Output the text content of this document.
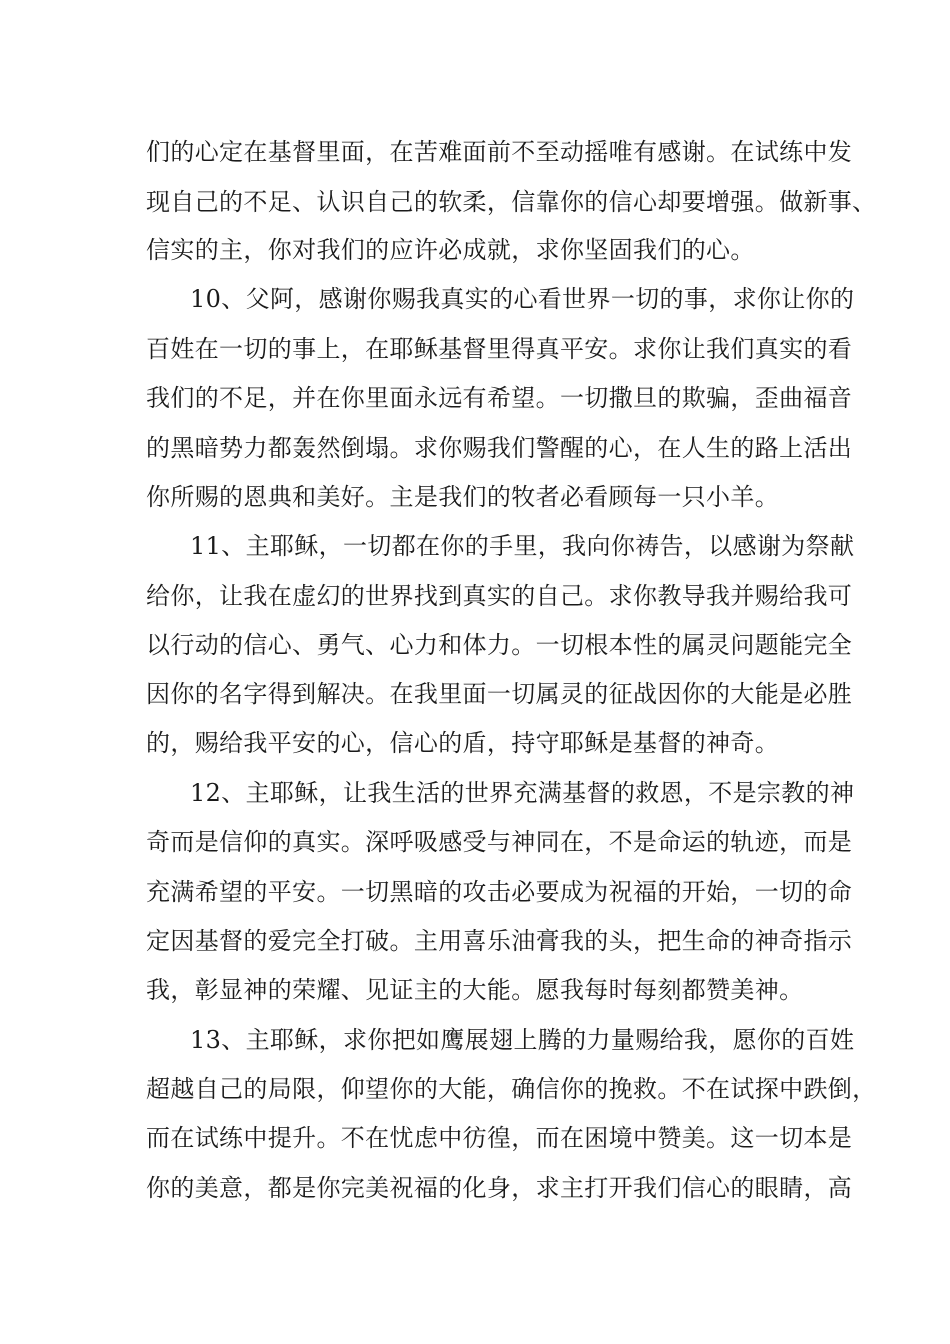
们的心定在基督里面，在苦难面前不至动摇唯有感谢。在试练中发
现自己的不足、认识自己的软柔，信靠你的信心却要增强。做新事、
信实的主，你对我们的应许必成就，求你坚固我们的心。
10、父阿，感谢你赐我真实的心看世界一切的事，求你让你的
百姓在一切的事上，在耶稣基督里得真平安。求你让我们真实的看
我们的不足，并在你里面永远有希望。一切撒旦的欺骗，歪曲福音
的黑暗势力都轰然倒塌。求你赐我们警醒的心，在人生的路上活出
你所赐的恩典和美好。主是我们的牧者必看顾每一只小羊。
11、主耶稣，一切都在你的手里，我向你祷告，以感谢为祭献
给你，让我在虚幻的世界找到真实的自己。求你教导我并赐给我可
以行动的信心、勇气、心力和体力。一切根本性的属灵问题能完全
因你的名字得到解决。在我里面一切属灵的征战因你的大能是必胜
的，赐给我平安的心，信心的盾，持守耶稣是基督的神奇。
12、主耶稣，让我生活的世界充满基督的救恩，不是宗教的神
奇而是信仰的真实。深呼吸感受与神同在，不是命运的轨迹，而是
充满希望的平安。一切黑暗的攻击必要成为祝福的开始，一切的命
定因基督的爱完全打破。主用喜乐油膏我的头，把生命的神奇指示
我，彰显神的荣耀、见证主的大能。愿我每时每刻都赞美神。
13、主耶稣，求你把如鹰展翅上腾的力量赐给我，愿你的百姓
超越自己的局限，仰望你的大能，确信你的挽救。不在试探中跌倒，
而在试练中提升。不在忧虑中彷徨，而在困境中赞美。这一切本是
你的美意，都是你完美祝福的化身，求主打开我们信心的眼睛，高
